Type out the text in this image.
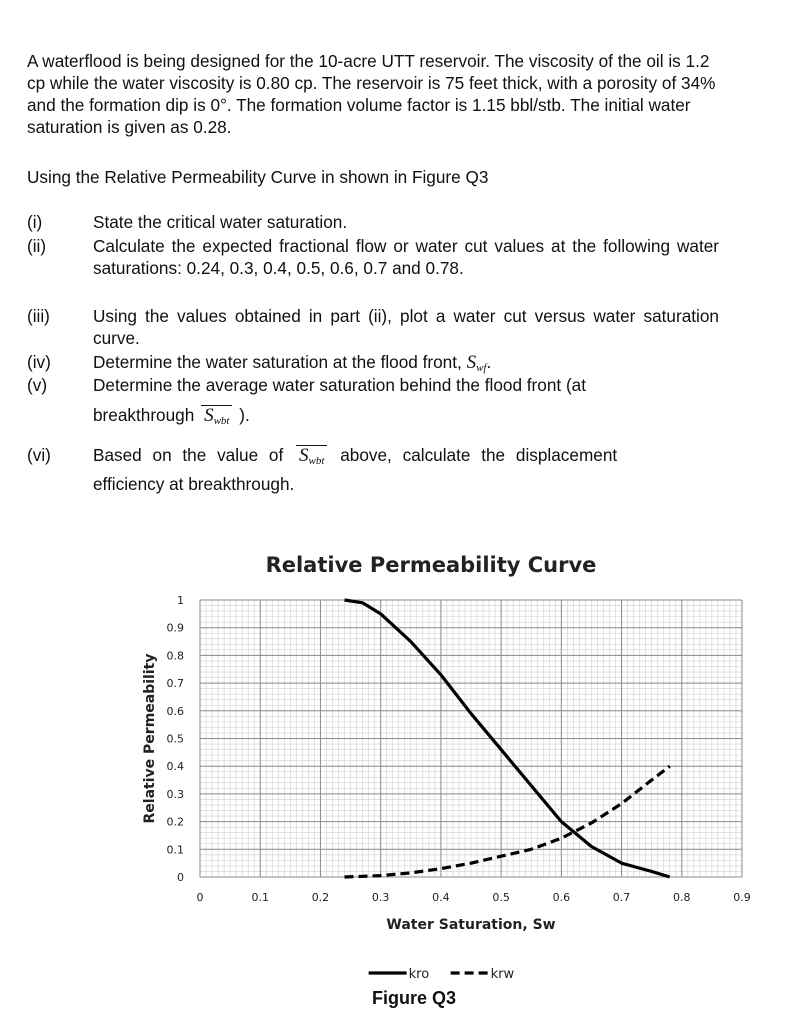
A waterflood is being designed for the 10-acre UTT reservoir. The viscosity of the oil is 1.2 cp while the water viscosity is 0.80 cp. The reservoir is 75 feet thick, with a porosity of 34% and the formation dip is 0°. The formation volume factor is 1.15 bbl/stb. The initial water saturation is given as 0.28.

Using the Relative Permeability Curve in shown in Figure Q3

(i)	State the critical water saturation.
(ii)	Calculate the expected fractional flow or water cut values at the following water saturations: 0.24, 0.3, 0.4, 0.5, 0.6, 0.7 and 0.78.
(iii)	Using the values obtained in part (ii), plot a water cut versus water saturation curve.
(iv) Determine the water saturation at the flood front, $S_{wf}$.
(v)	Determine the average water saturation behind the flood front (at
breakthrough $S_{wbt}$ ).
(vi) Based on the value of $S_{wbt}$ above, calculate the displacement
efficiency at breakthrough.
0	0.1	0.2	0.3	0.4	0.5	0.6	0.7	0.8	0.9
0
0.1
0.2
0.3
0.4
0.5
0.6
0.7
0.8
0.9
1
Relative Permeability Curve
Water Saturation, Sw
Relative Permeability
kro	krw
Figure Q3
